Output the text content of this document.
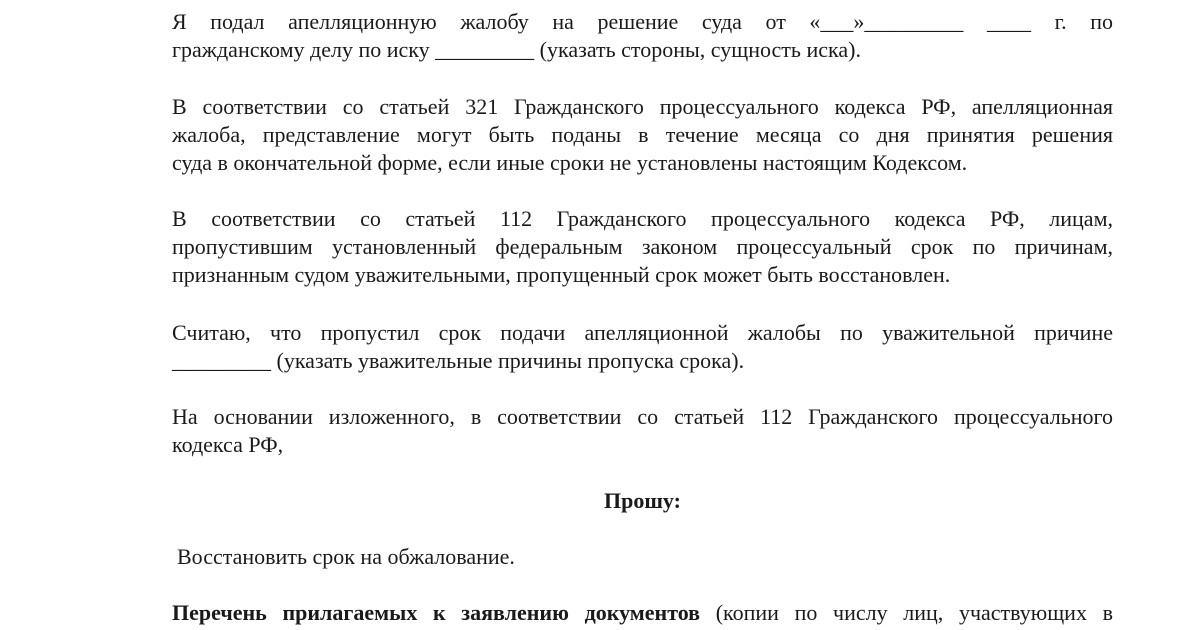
Я подал апелляционную жалобу на решение суда от «___»_________ ____ г. по
гражданскому делу по иску _________ (указать стороны, сущность иска).
В соответствии со статьей 321 Гражданского процессуального кодекса РФ, апелляционная
жалоба, представление могут быть поданы в течение месяца со дня принятия решения
суда в окончательной форме, если иные сроки не установлены настоящим Кодексом.
В соответствии со статьей 112 Гражданского процессуального кодекса РФ, лицам,
пропустившим установленный федеральным законом процессуальный срок по причинам,
признанным судом уважительными, пропущенный срок может быть восстановлен.
Считаю, что пропустил срок подачи апелляционной жалобы по уважительной причине
_________ (указать уважительные причины пропуска срока).
На основании изложенного, в соответствии со статьей 112 Гражданского процессуального
кодекса РФ,

Прошу:

Восстановить срок на обжалование.

Перечень прилагаемых к заявлению документов (копии по числу лиц, участвующих в
